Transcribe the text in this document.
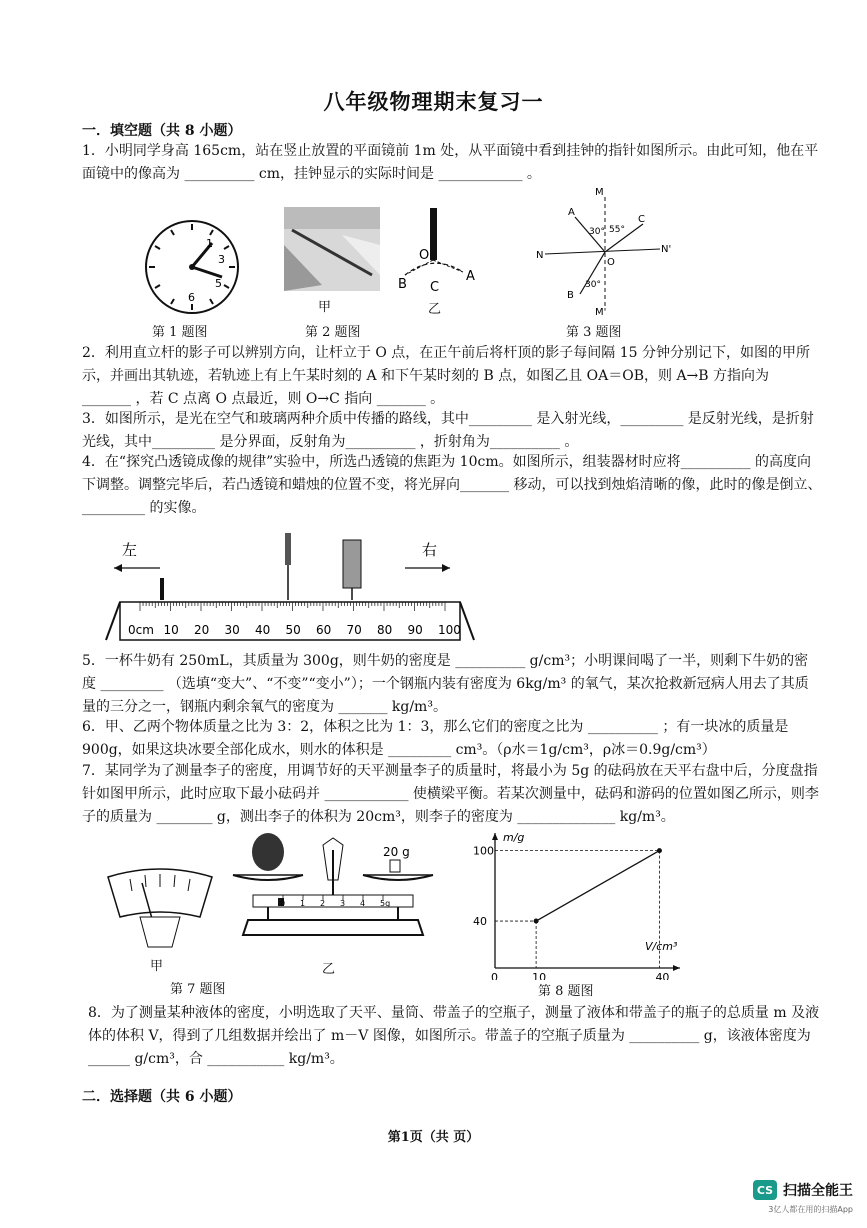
八年级物理期末复习一
一．填空题（共 8 小题）
1．小明同学身高 165cm，站在竖止放置的平面镜前 1m 处，从平面镜中看到挂钟的指针如图所示。由此可知，他在平面镜中的像高为 __________ cm，挂钟显示的实际时间是 ____________ 。
1
3
5
6
第 1 题图
甲
O
A
B C
乙
第 2 题图
M
M'
N
N'
A
B
C
O
30° 55°
30°
第 3 题图
2．利用直立杆的影子可以辨别方向，让杆立于 O 点，在正午前后将杆顶的影子每间隔 15 分钟分别记下，如图的甲所示，并画出其轨迹，若轨迹上有上午某时刻的 A 和下午某时刻的 B 点，如图乙且 OA＝OB，则 A→B 方指向为 _______ ，若 C 点离 O 点最近，则 O→C 指向 _______ 。
3．如图所示，是光在空气和玻璃两种介质中传播的路线，其中_________ 是入射光线，_________ 是反射光线，是折射光线，其中_________ 是分界面，反射角为__________ ，折射角为__________ 。
4．在“探究凸透镜成像的规律”实验中，所选凸透镜的焦距为 10cm。如图所示，组装器材时应将__________ 的高度向下调整。调整完毕后，若凸透镜和蜡烛的位置不变，将光屏向_______ 移动，可以找到烛焰清晰的像，此时的像是倒立、_________ 的实像。
左	右
0cm 10 20 30 40 50 60 70 80 90 100
5．一杯牛奶有 250mL，其质量为 300g，则牛奶的密度是 __________ g/cm³；小明课间喝了一半，则剩下牛奶的密度 _________ （选填“变大”、“不变”“变小”）；一个钢瓶内装有密度为 6kg/m³ 的氧气，某次抢救新冠病人用去了其质量的三分之一，钢瓶内剩余氧气的密度为 _______ kg/m³。
6．甲、乙两个物体质量之比为 3：2，体积之比为 1：3，那么它们的密度之比为 __________ ；有一块冰的质量是 900g，如果这块冰要全部化成水，则水的体积是 _________ cm³。（ρ水＝1g/cm³，ρ冰＝0.9g/cm³）
7．某同学为了测量李子的密度，用调节好的天平测量李子的质量时，将最小为 5g 的砝码放在天平右盘中后，分度盘指针如图甲所示，此时应取下最小砝码并 ____________ 使横梁平衡。若某次测量中，砝码和游码的位置如图乙所示，则李子的质量为 ________ g，测出李子的体积为 20cm³，则李子的密度为 ______________ kg/m³。
甲
20 g
0 1 2 3 4 5g
乙
第 7 题图
m/g
V/cm³
0	10	40
40
100
第 8 题图
8．为了测量某种液体的密度，小明选取了天平、量筒、带盖子的空瓶子，测量了液体和带盖子的瓶子的总质量 m 及液体的体积 V，得到了几组数据并绘出了 m－V 图像，如图所示。带盖子的空瓶子质量为 __________ g，该液体密度为 ______ g/cm³，合 ___________ kg/m³。
二．选择题（共 6 小题）
第1页（共 页）
CS 扫描全能王
3亿人都在用的扫描App
